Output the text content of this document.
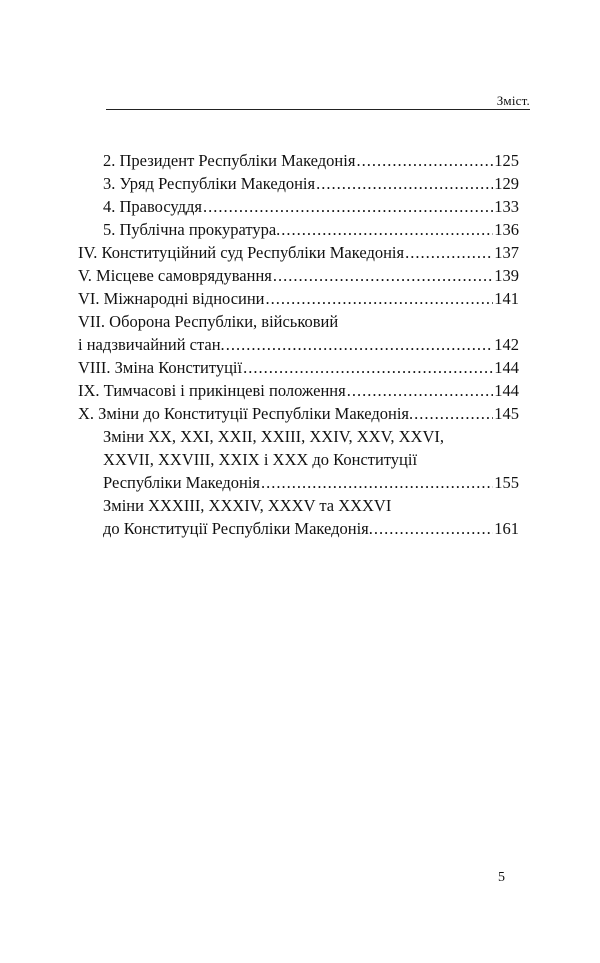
Зміст.
2. Президент Республіки Македонія .....	125
3. Уряд Республіки Македонія .....	129
4. Правосуддя .....	133
5. Публічна прокуратура. .....	136
IV. Конституційний суд Республіки Македонія .....	137
V. Місцеве самоврядування .....	139
VI. Міжнародні відносини .....	141
VII. Оборона Республіки, військовий
і надзвичайний стан. .....	142
VIII. Зміна Конституції .....	144
IX. Тимчасові і прикінцеві положення .....	144
X. Зміни до Конституції Республіки Македонія. .....	145
Зміни XX, XXI, XXII, XXIII, XXIV, XXV, XXVI,
XXVII, XXVIII, XXIX і XXX до Конституції
Республіки Македонія .....	155
Зміни XXXIII, XXXIV, XXXV та XXXVI
до Конституції Республіки Македонія. .....	161
5
